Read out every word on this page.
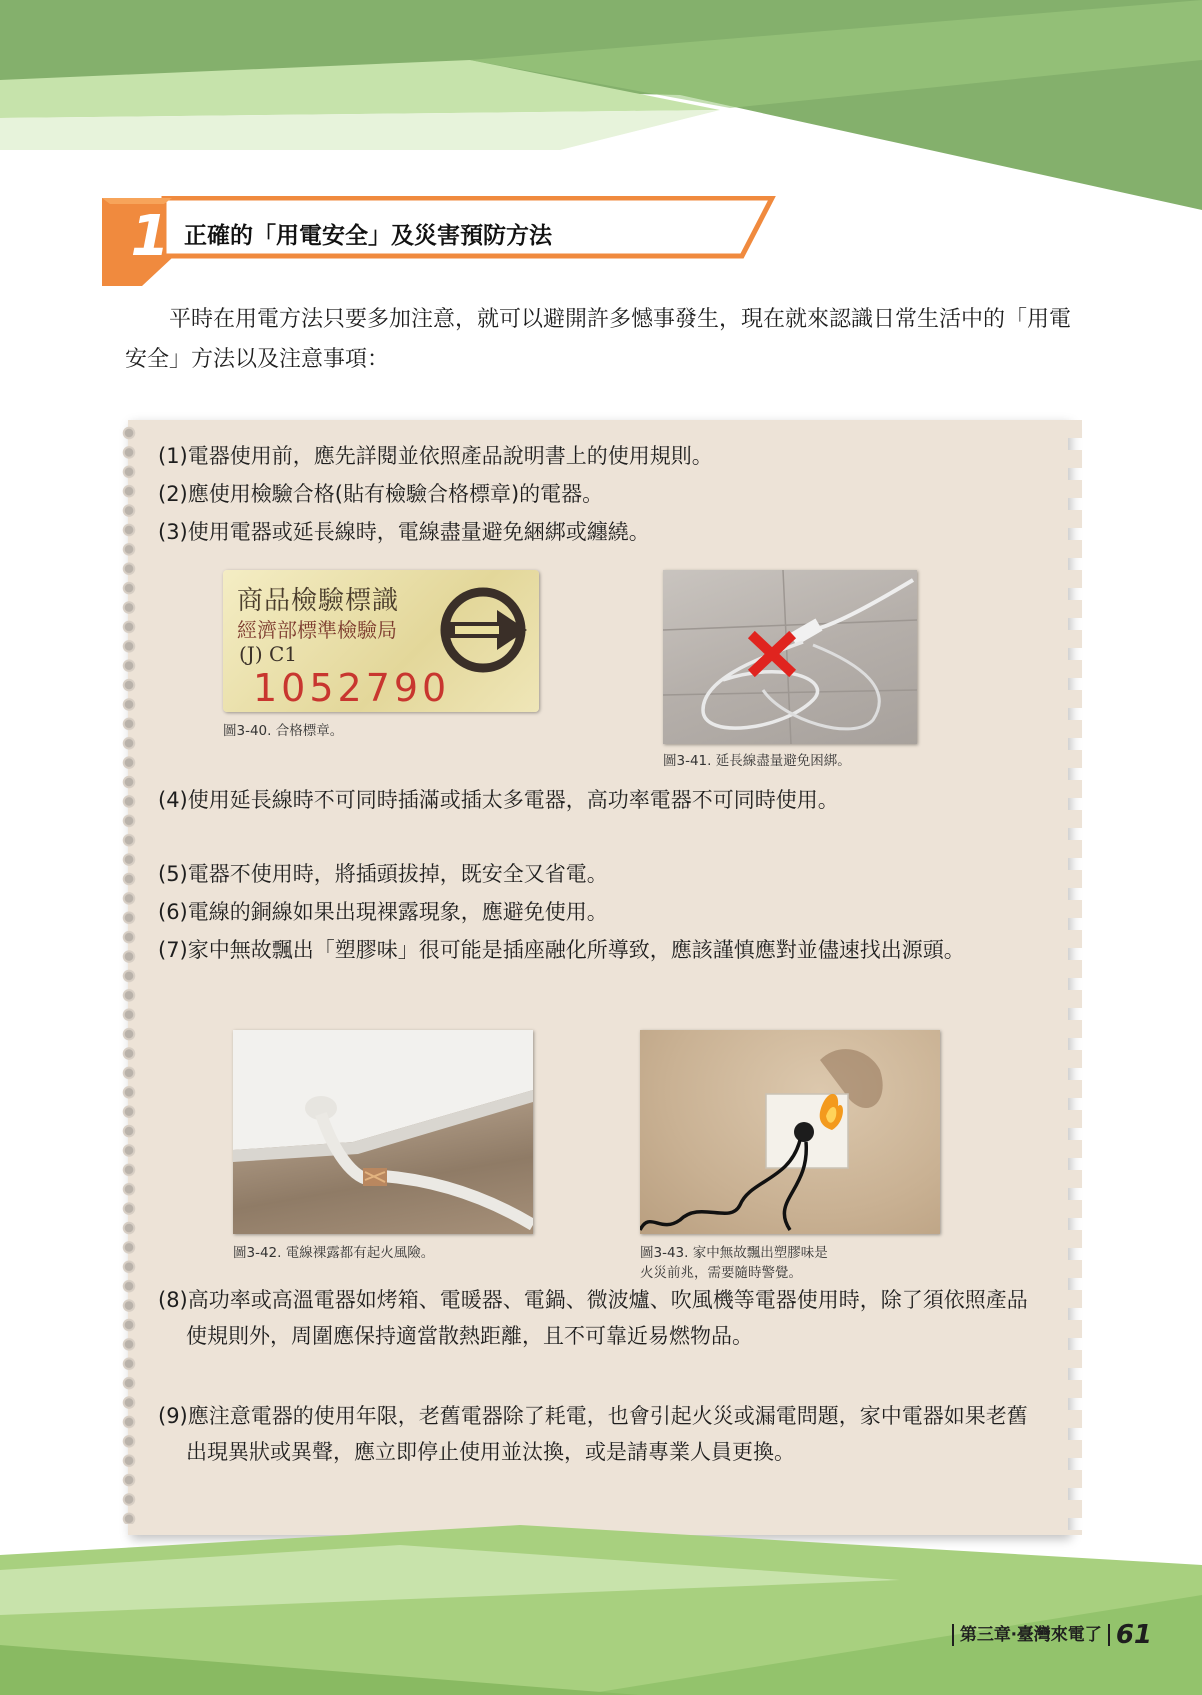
1 正確的「用電安全」及災害預防方法
平時在用電方法只要多加注意，就可以避開許多憾事發生，現在就來認識日常生活中的「用電安全」方法以及注意事項：
(1)電器使用前，應先詳閱並依照產品說明書上的使用規則。
(2)應使用檢驗合格(貼有檢驗合格標章)的電器。
(3)使用電器或延長線時，電線盡量避免綑綁或纏繞。
商品檢驗標識
經濟部標準檢驗局
(J) C1
1052790
圖3-40. 合格標章。
圖3-41. 延長線盡量避免困綁。
(4)使用延長線時不可同時插滿或插太多電器，高功率電器不可同時使用。
(5)電器不使用時，將插頭拔掉，既安全又省電。
(6)電線的銅線如果出現裸露現象，應避免使用。
(7)家中無故飄出「塑膠味」很可能是插座融化所導致，應該謹慎應對並儘速找出源頭。
圖3-42. 電線裸露都有起火風險。	圖3-43. 家中無故飄出塑膠味是
火災前兆，需要隨時警覺。
(8)高功率或高溫電器如烤箱、電暖器、電鍋、微波爐、吹風機等電器使用時，除了須依照產品使規則外，周圍應保持適當散熱距離，且不可靠近易燃物品。
(9)應注意電器的使用年限，老舊電器除了耗電，也會引起火災或漏電問題，家中電器如果老舊出現異狀或異聲，應立即停止使用並汰換，或是請專業人員更換。
第三章‧臺灣來電了 61
